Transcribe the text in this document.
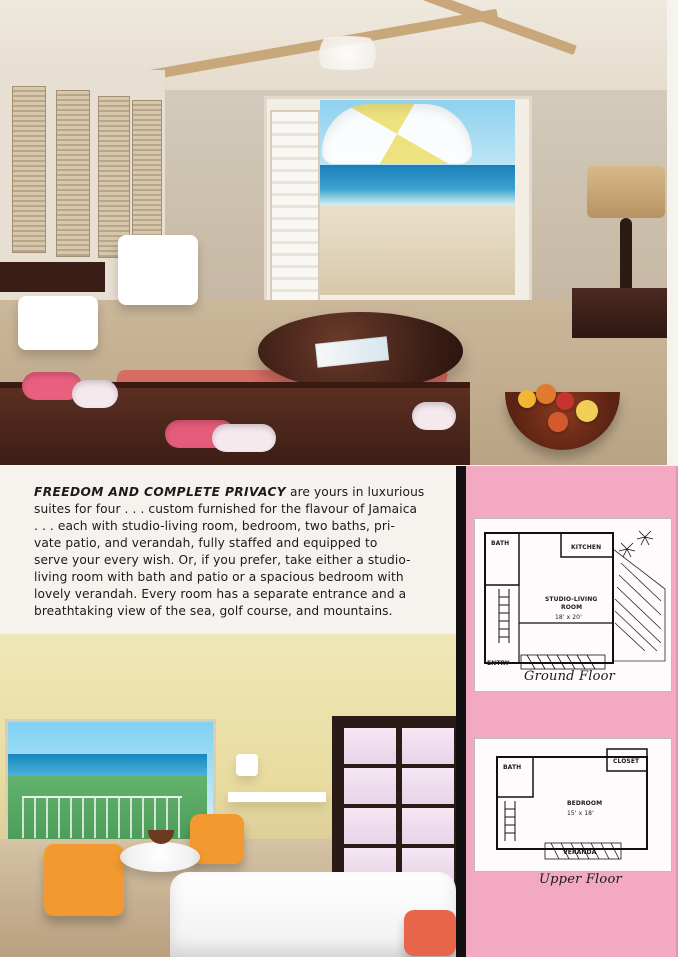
FREEDOM AND COMPLETE PRIVACY are yours in luxurious
suites for four . . . custom furnished for the flavour of Jamaica
. . . each with studio-living room, bedroom, two baths, pri-
vate patio, and verandah, fully staffed and equipped to
serve your every wish. Or, if you prefer, take either a studio-
living room with bath and patio or a spacious bedroom with
lovely verandah. Every room has a separate entrance and a
breathtaking view of the sea, golf course, and mountains.
BATH
KITCHEN
STUDIO-LIVING
ROOM
18' x 20'
ENTRY
Ground Floor
BATH
CLOSET
BEDROOM
15' x 18'
VERANDA
Upper Floor
